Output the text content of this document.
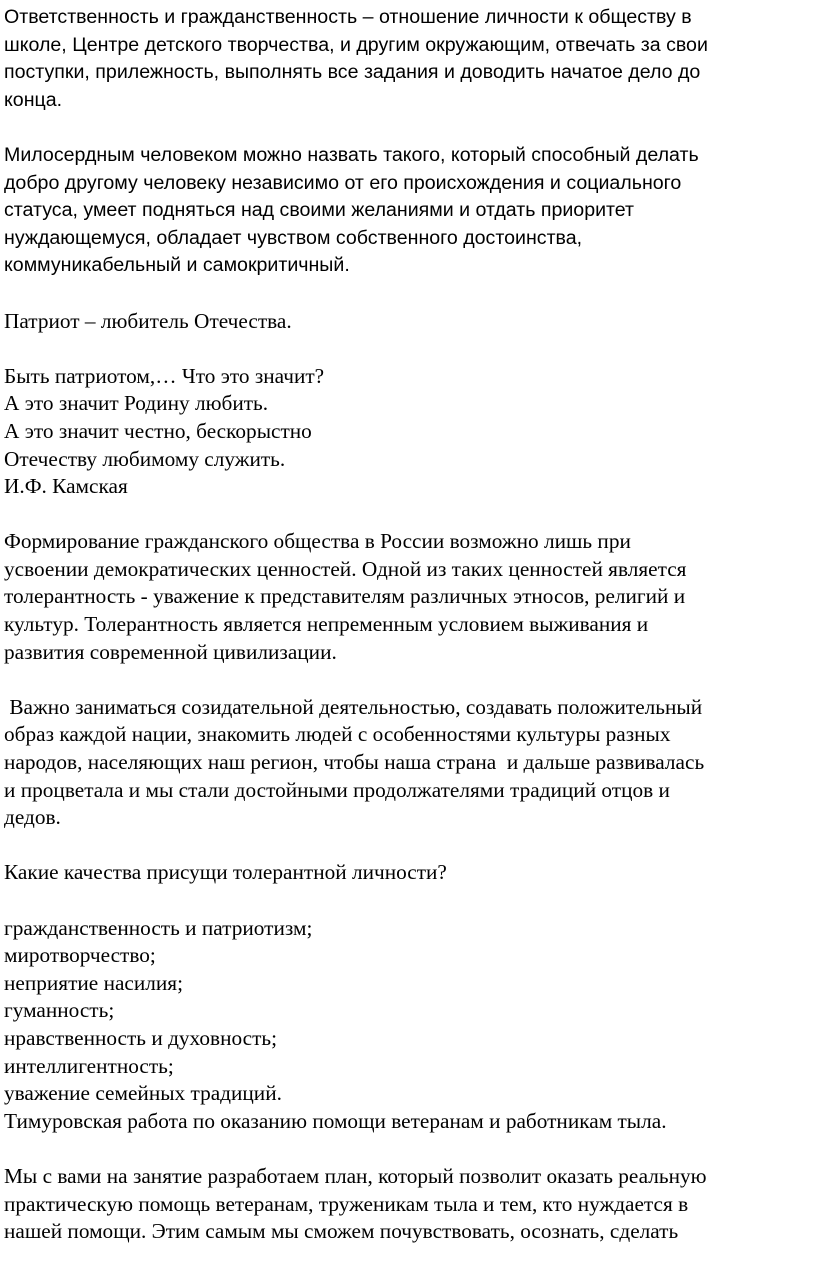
Ответственность и гражданственность – отношение личности к обществу в
школе, Центре детского творчества, и другим окружающим, отвечать за свои
поступки, прилежность, выполнять все задания и доводить начатое дело до
конца.
Милосердным человеком можно назвать такого, который способный делать
добро другому человеку независимо от его происхождения и социального
статуса, умеет подняться над своими желаниями и отдать приоритет
нуждающемуся, обладает чувством собственного достоинства,
коммуникабельный и самокритичный.
Патриот – любитель Отечества.
Быть патриотом,… Что это значит?
А это значит Родину любить.
А это значит честно, бескорыстно
Отечеству любимому служить.
И.Ф. Камская
Формирование гражданского общества в России возможно лишь при
усвоении демократических ценностей. Одной из таких ценностей является
толерантность - уважение к представителям различных этносов, религий и
культур. Толерантность является непременным условием выживания и
развития современной цивилизации.
Важно заниматься созидательной деятельностью, создавать положительный
образ каждой нации, знакомить людей с особенностями культуры разных
народов, населяющих наш регион, чтобы наша страна  и дальше развивалась
и процветала и мы стали достойными продолжателями традиций отцов и
дедов.
Какие качества присущи толерантной личности?
гражданственность и патриотизм;
миротворчество;
неприятие насилия;
гуманность;
нравственность и духовность;
интеллигентность;
уважение семейных традиций.
Тимуровская работа по оказанию помощи ветеранам и работникам тыла.
Мы с вами на занятие разработаем план, который позволит оказать реальную
практическую помощь ветеранам, труженикам тыла и тем, кто нуждается в
нашей помощи. Этим самым мы сможем почувствовать, осознать, сделать
